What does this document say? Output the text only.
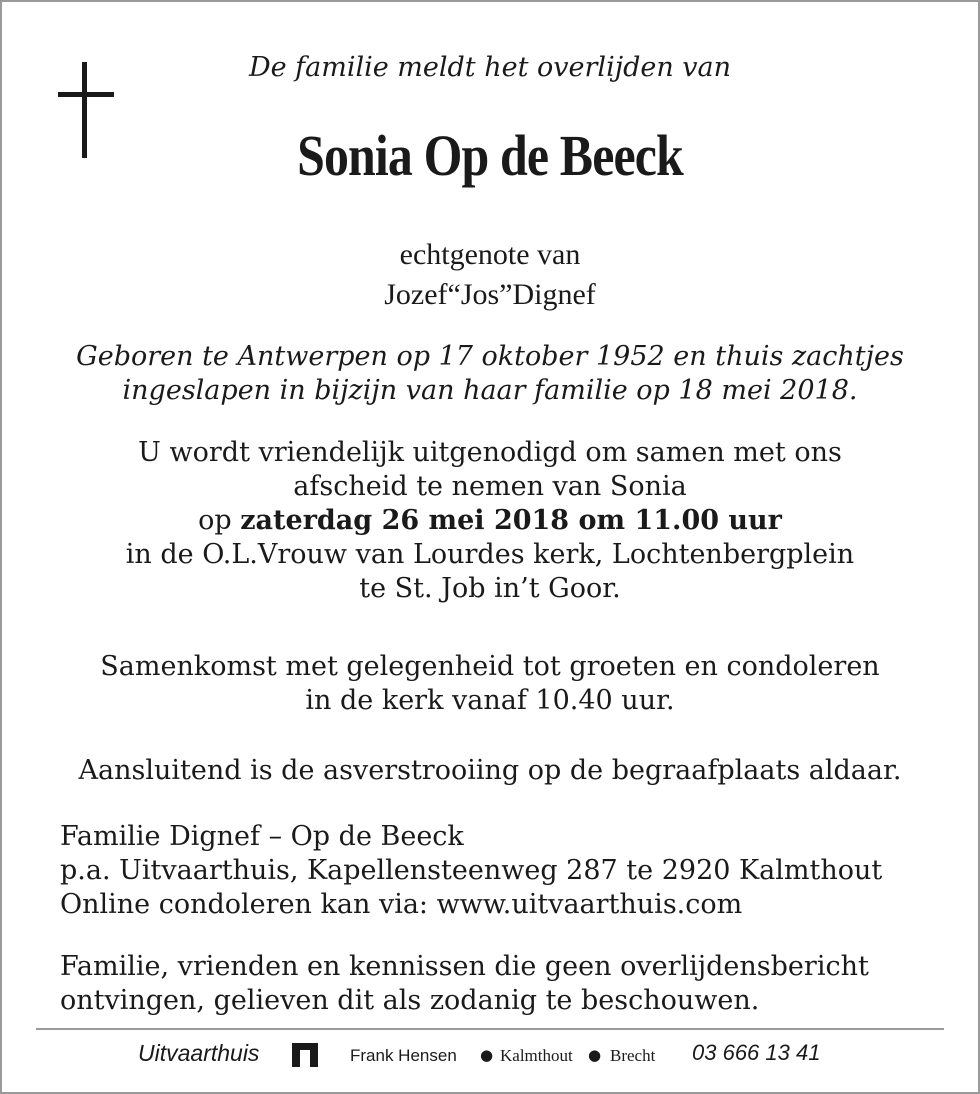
De familie meldt het overlijden van
Sonia Op de Beeck
echtgenote van
Jozef“Jos”Dignef
Geboren te Antwerpen op 17 oktober 1952 en thuis zachtjes
ingeslapen in bijzijn van haar familie op 18 mei 2018.
U wordt vriendelijk uitgenodigd om samen met ons
afscheid te nemen van Sonia
op zaterdag 26 mei 2018 om 11.00 uur
in de O.L.Vrouw van Lourdes kerk, Lochtenbergplein
te St. Job in’t Goor.
Samenkomst met gelegenheid tot groeten en condoleren
in de kerk vanaf 10.40 uur.
Aansluitend is de asverstrooiing op de begraafplaats aldaar.
Familie Dignef – Op de Beeck
p.a. Uitvaarthuis, Kapellensteenweg 287 te 2920 Kalmthout
Online condoleren kan via: www.uitvaarthuis.com
Familie, vrienden en kennissen die geen overlijdensbericht
ontvingen, gelieven dit als zodanig te beschouwen.
Uitvaarthuis	Frank Hensen ● Kalmthout ● Brecht 03 666 13 41
